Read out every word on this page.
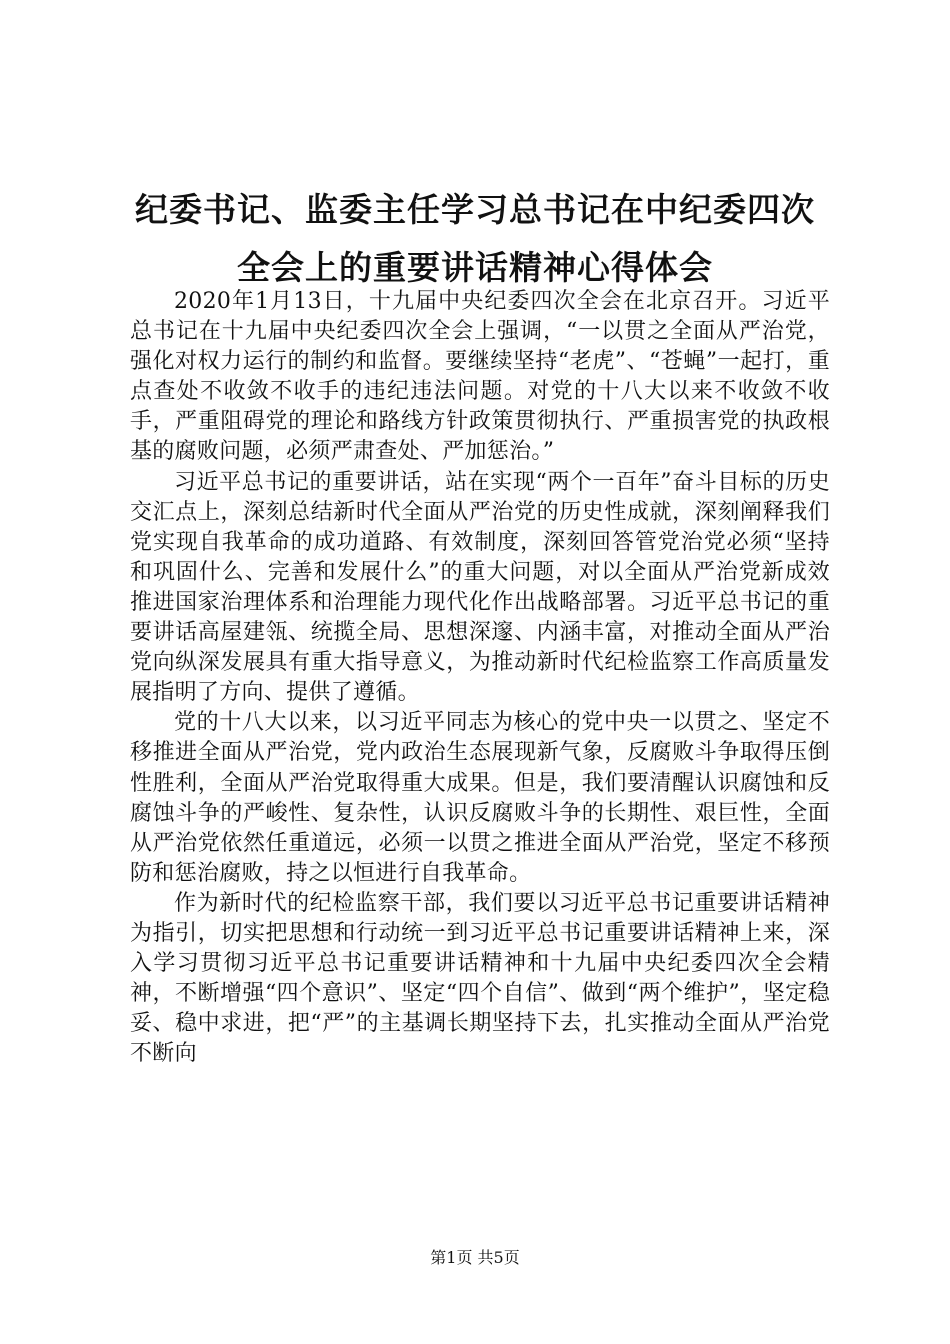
纪委书记、监委主任学习总书记在中纪委四次
全会上的重要讲话精神心得体会

2020年1月13日，十九届中央纪委四次全会在北京召开。习近平总书记在十九届中央纪委四次全会上强调，“一以贯之全面从严治党，强化对权力运行的制约和监督。要继续坚持“老虎”、“苍蝇”一起打，重点查处不收敛不收手的违纪违法问题。对党的十八大以来不收敛不收手，严重阻碍党的理论和路线方针政策贯彻执行、严重损害党的执政根基的腐败问题，必须严肃查处、严加惩治。”

习近平总书记的重要讲话，站在实现“两个一百年”奋斗目标的历史交汇点上，深刻总结新时代全面从严治党的历史性成就，深刻阐释我们党实现自我革命的成功道路、有效制度，深刻回答管党治党必须“坚持和巩固什么、完善和发展什么”的重大问题，对以全面从严治党新成效推进国家治理体系和治理能力现代化作出战略部署。习近平总书记的重要讲话高屋建瓴、统揽全局、思想深邃、内涵丰富，对推动全面从严治党向纵深发展具有重大指导意义，为推动新时代纪检监察工作高质量发展指明了方向、提供了遵循。

党的十八大以来，以习近平同志为核心的党中央一以贯之、坚定不移推进全面从严治党，党内政治生态展现新气象，反腐败斗争取得压倒性胜利，全面从严治党取得重大成果。但是，我们要清醒认识腐蚀和反腐蚀斗争的严峻性、复杂性，认识反腐败斗争的长期性、艰巨性，全面从严治党依然任重道远，必须一以贯之推进全面从严治党，坚定不移预防和惩治腐败，持之以恒进行自我革命。

作为新时代的纪检监察干部，我们要以习近平总书记重要讲话精神为指引，切实把思想和行动统一到习近平总书记重要讲话精神上来，深入学习贯彻习近平总书记重要讲话精神和十九届中央纪委四次全会精神，不断增强“四个意识”、坚定“四个自信”、做到“两个维护”，坚定稳妥、稳中求进，把“严”的主基调长期坚持下去，扎实推动全面从严治党不断向

第1页 共5页
